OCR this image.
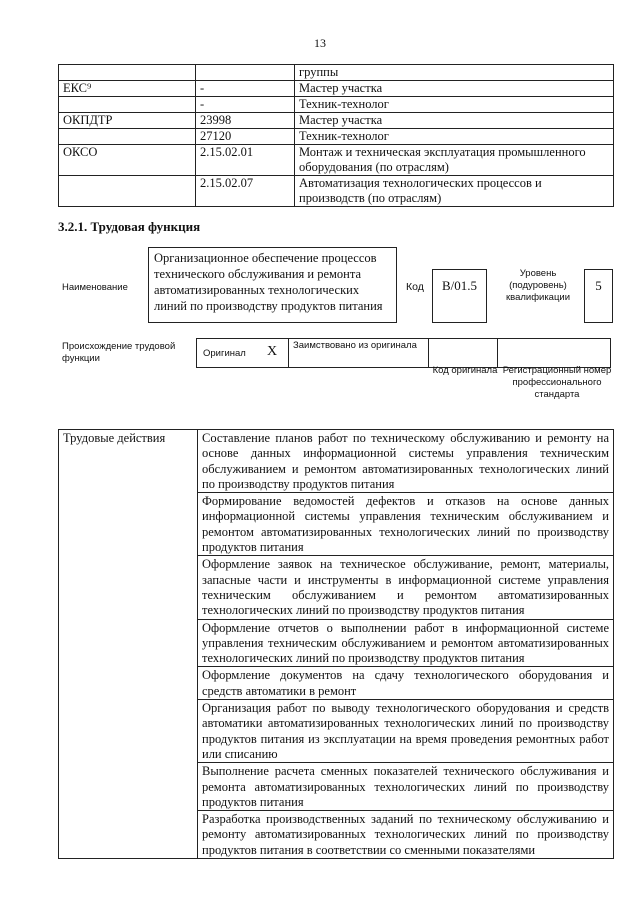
13
		группы
ЕКС⁹	-	Мастер участка
	-	Техник-технолог
ОКПДТР	23998	Мастер участка
	27120	Техник-технолог
ОКСО	2.15.02.01	Монтаж и техническая эксплуатация промышленного оборудования (по отраслям)
	2.15.02.07	Автоматизация технологических процессов и производств (по отраслям)
3.2.1. Трудовая функция
Наименование
Организационное обеспечение процессов технического обслуживания и ремонта автоматизированных технологических линий по производству продуктов питания
Код	B/01.5
Уровень (подуровень) квалификации
5
Происхождение трудовой функции	Оригинал X	Заимствовано из оригинала
Код оригинала Регистрационный номер профессионального стандарта
Трудовые действия	Составление планов работ по техническому обслуживанию и ремонту на основе данных информационной системы управления техническим обслуживанием и ремонтом автоматизированных технологических линий по производству продуктов питания
Формирование ведомостей дефектов и отказов на основе данных информационной системы управления техническим обслуживанием и ремонтом автоматизированных технологических линий по производству продуктов питания
Оформление заявок на техническое обслуживание, ремонт, материалы, запасные части и инструменты в информационной системе управления техническим обслуживанием и ремонтом автоматизированных технологических линий по производству продуктов питания
Оформление отчетов о выполнении работ в информационной системе управления техническим обслуживанием и ремонтом автоматизированных технологических линий по производству продуктов питания
Оформление документов на сдачу технологического оборудования и средств автоматики в ремонт
Организация работ по выводу технологического оборудования и средств автоматики автоматизированных технологических линий по производству продуктов питания из эксплуатации на время проведения ремонтных работ или списанию
Выполнение расчета сменных показателей технического обслуживания и ремонта автоматизированных технологических линий по производству продуктов питания
Разработка производственных заданий по техническому обслуживанию и ремонту автоматизированных технологических линий по производству продуктов питания в соответствии со сменными показателями
